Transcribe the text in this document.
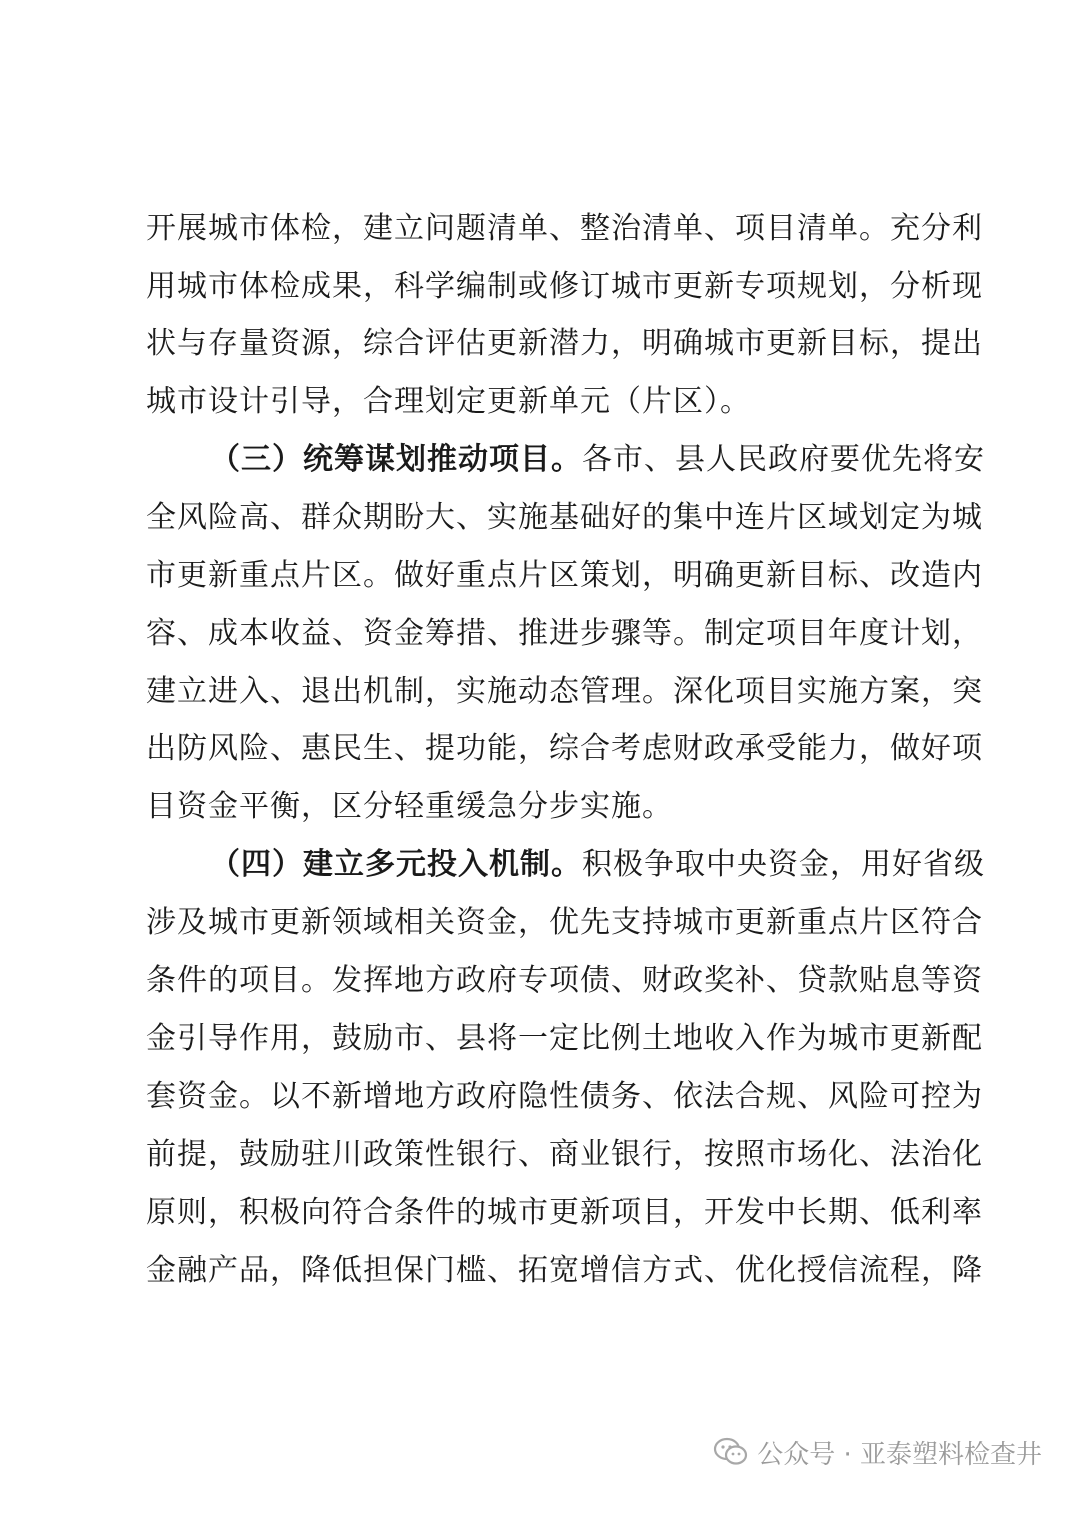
开展城市体检，建立问题清单、整治清单、项目清单。充分利
用城市体检成果，科学编制或修订城市更新专项规划，分析现
状与存量资源，综合评估更新潜力，明确城市更新目标，提出
城市设计引导，合理划定更新单元（片区）。
（三）统筹谋划推动项目。各市、县人民政府要优先将安
全风险高、群众期盼大、实施基础好的集中连片区域划定为城
市更新重点片区。做好重点片区策划，明确更新目标、改造内
容、成本收益、资金筹措、推进步骤等。制定项目年度计划，
建立进入、退出机制，实施动态管理。深化项目实施方案，突
出防风险、惠民生、提功能，综合考虑财政承受能力，做好项
目资金平衡，区分轻重缓急分步实施。
（四）建立多元投入机制。积极争取中央资金，用好省级
涉及城市更新领域相关资金，优先支持城市更新重点片区符合
条件的项目。发挥地方政府专项债、财政奖补、贷款贴息等资
金引导作用，鼓励市、县将一定比例土地收入作为城市更新配
套资金。以不新增地方政府隐性债务、依法合规、风险可控为
前提，鼓励驻川政策性银行、商业银行，按照市场化、法治化
原则，积极向符合条件的城市更新项目，开发中长期、低利率
金融产品，降低担保门槛、拓宽增信方式、优化授信流程，降
公众号 · 亚泰塑料检查井
